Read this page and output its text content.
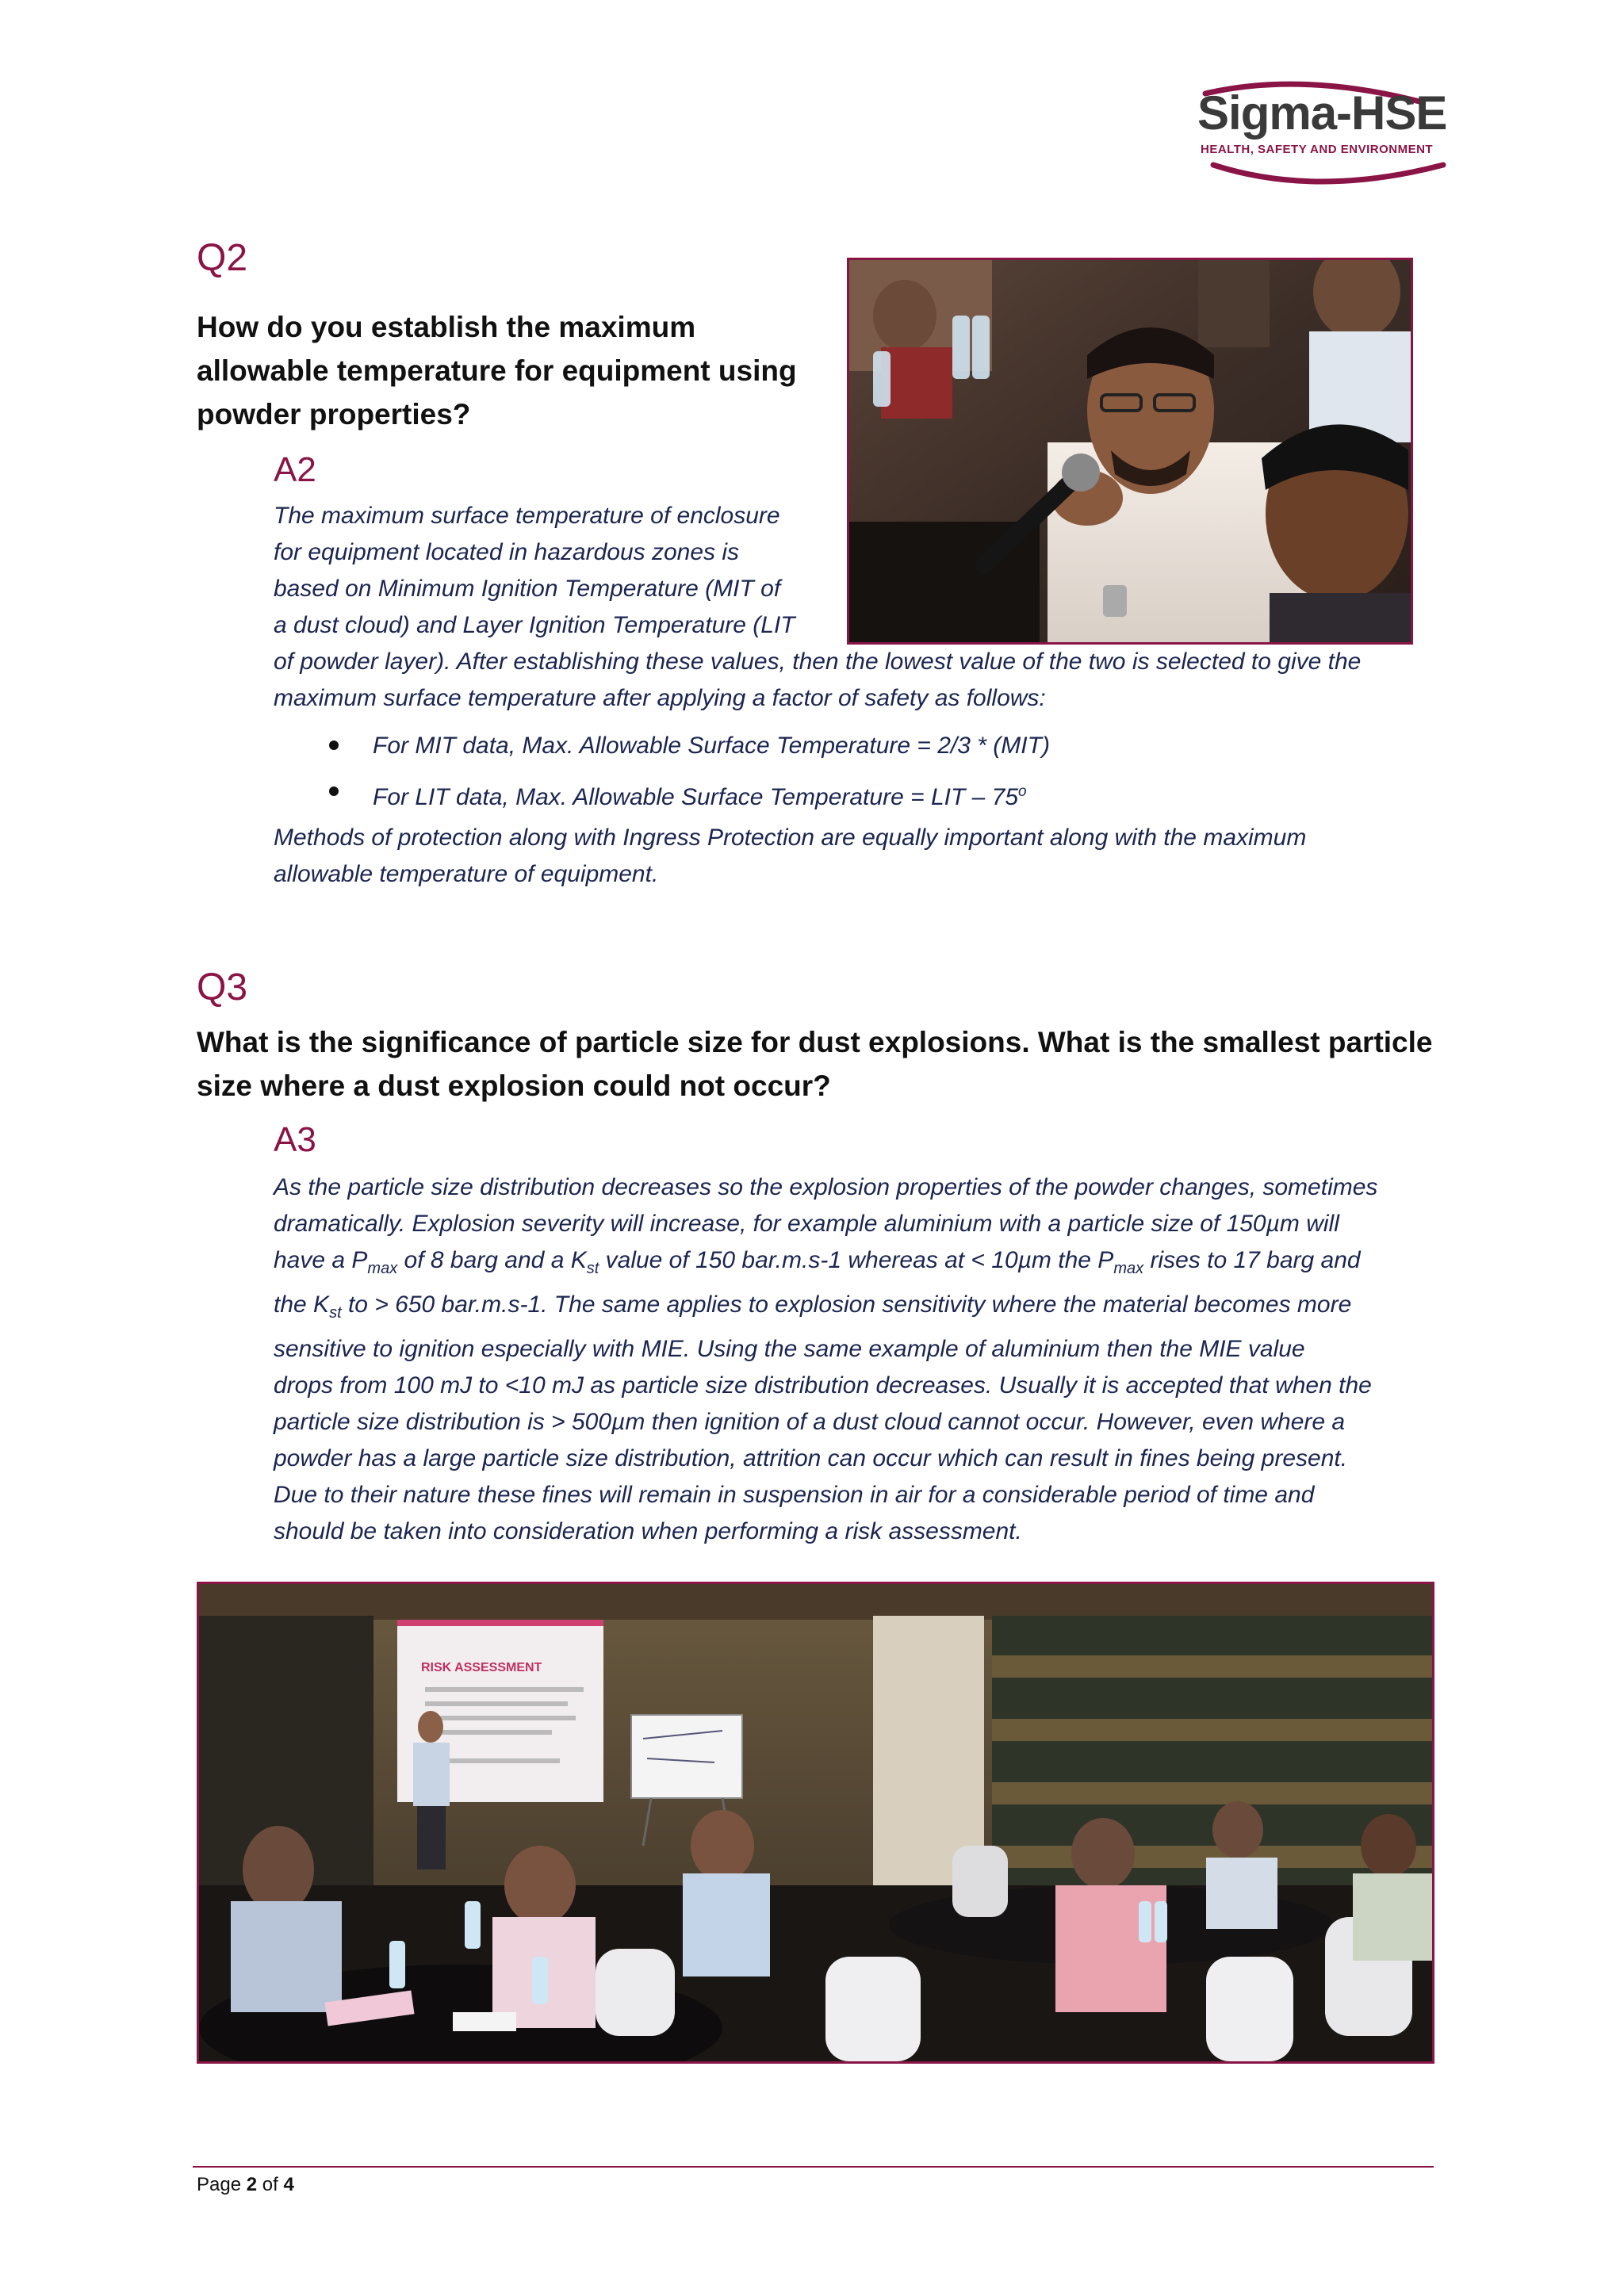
Sigma-HSE
HEALTH, SAFETY AND ENVIRONMENT
Q2
How do you establish the maximum
allowable temperature for equipment using
powder properties?
A2
The maximum surface temperature of enclosure
for equipment located in hazardous zones is
based on Minimum Ignition Temperature (MIT of
a dust cloud) and Layer Ignition Temperature (LIT
of powder layer). After establishing these values, then the lowest value of the two is selected to give the
maximum surface temperature after applying a factor of safety as follows:
For MIT data, Max. Allowable Surface Temperature = 2/3 * (MIT)
For LIT data, Max. Allowable Surface Temperature = LIT – 75$^o$
Methods of protection along with Ingress Protection are equally important along with the maximum
allowable temperature of equipment.
Q3
What is the significance of particle size for dust explosions. What is the smallest particle
size where a dust explosion could not occur?
A3
As the particle size distribution decreases so the explosion properties of the powder changes, sometimes
dramatically. Explosion severity will increase, for example aluminium with a particle size of 150µm will
have a $P_{max}$ of 8 barg and a $K_{st}$ value of 150 bar.m.s-1 whereas at < 10µm the $P_{max}$ rises to 17 barg and
the $K_{st}$ to > 650 bar.m.s-1. The same applies to explosion sensitivity where the material becomes more
sensitive to ignition especially with MIE. Using the same example of aluminium then the MIE value
drops from 100 mJ to <10 mJ as particle size distribution decreases. Usually it is accepted that when the
particle size distribution is > 500µm then ignition of a dust cloud cannot occur. However, even where a
powder has a large particle size distribution, attrition can occur which can result in fines being present.
Due to their nature these fines will remain in suspension in air for a considerable period of time and
should be taken into consideration when performing a risk assessment.
RISK ASSESSMENT
Page 2 of 4
